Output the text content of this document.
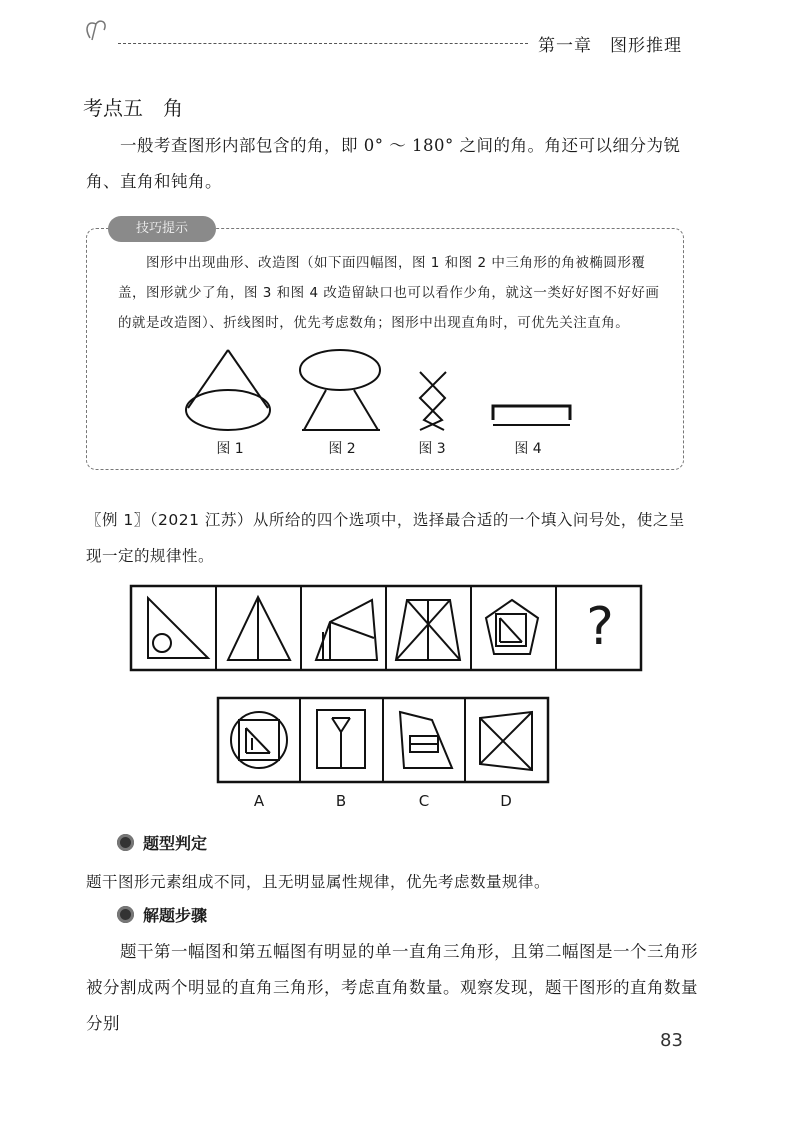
第一章　图形推理
考点五　角
　　一般考查图形内部包含的角，即 0° ～ 180° 之间的角。角还可以细分为锐角、直角和钝角。
技巧提示
图形中出现曲形、改造图（如下面四幅图，图 1 和图 2 中三角形的角被椭圆形覆盖，图形就少了角，图 3 和图 4 改造留缺口也可以看作少角，就这一类好好图不好好画的就是改造图）、折线图时，优先考虑数角；图形中出现直角时，可优先关注直角。
图 1	图 2	图 3	图 4
〖例 1〗（2021 江苏）从所给的四个选项中，选择最合适的一个填入问号处，使之呈现一定的规律性。
?
A	B	C	D
题型判定
题干图形元素组成不同，且无明显属性规律，优先考虑数量规律。
解题步骤
　　题干第一幅图和第五幅图有明显的单一直角三角形，且第二幅图是一个三角形被分割成两个明显的直角三角形，考虑直角数量。观察发现，题干图形的直角数量分别
83
